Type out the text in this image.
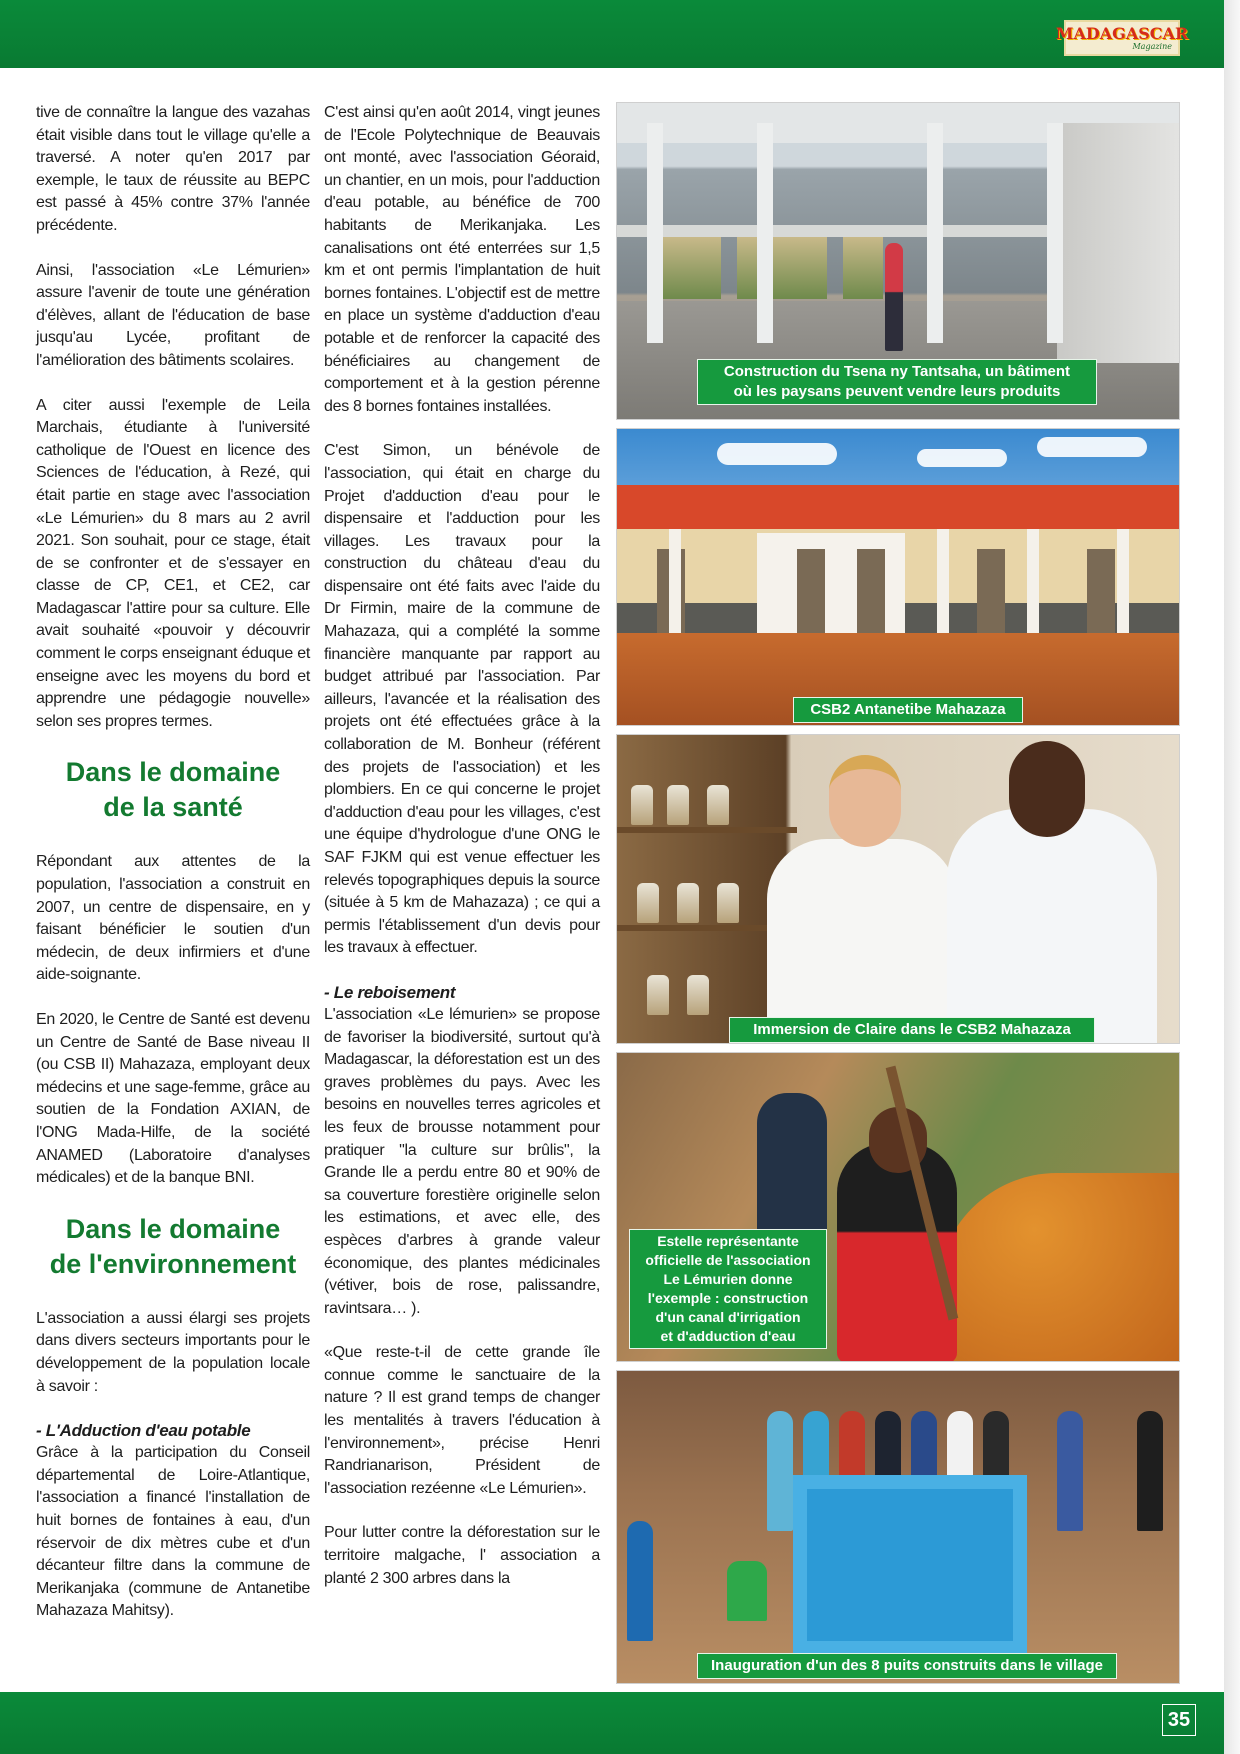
MADAGASCAR
Magazine

tive de connaître la langue des vazahas était visible dans tout le village qu'elle a traversé. A noter qu'en 2017 par exemple, le taux de réussite au BEPC est passé à 45% contre 37% l'année précédente.

Ainsi, l'association «Le Lémurien» assure l'avenir de toute une génération d'élèves, allant de l'éducation de base jusqu'au Lycée, profitant de l'amélioration des bâtiments scolaires.

A citer aussi l'exemple de Leila Marchais, étudiante à l'université catholique de l'Ouest en licence des Sciences de l'éducation, à Rezé, qui était partie en stage avec l'association «Le Lémurien» du 8 mars au 2 avril 2021. Son souhait, pour ce stage, était de se confronter et de s'essayer en classe de CP, CE1, et CE2, car Madagascar l'attire pour sa culture. Elle avait souhaité «pouvoir y découvrir comment le corps enseignant éduque et enseigne avec les moyens du bord et apprendre une pédagogie nouvelle» selon ses propres termes.

Dans le domaine
de la santé

Répondant aux attentes de la population, l'association a construit en 2007, un centre de dispensaire, en y faisant bénéficier le soutien d'un médecin, de deux infirmiers et d'une aide-soignante.

En 2020, le Centre de Santé est devenu un Centre de Santé de Base niveau II (ou CSB II) Mahazaza, employant deux médecins et une sage-femme, grâce au soutien de la Fondation AXIAN, de l'ONG Mada-Hilfe, de la société ANAMED (Laboratoire d'analyses médicales) et de la banque BNI.

Dans le domaine
de l'environnement

L'association a aussi élargi ses projets dans divers secteurs importants pour le développement de la population locale à savoir :

- L'Adduction d'eau potable

Grâce à la participation du Conseil départemental de Loire-Atlantique, l'association a financé l'installation de huit bornes de fontaines à eau, d'un réservoir de dix mètres cube et d'un décanteur filtre dans la commune de Merikanjaka (commune de Antanetibe Mahazaza Mahitsy).

C'est ainsi qu'en août 2014, vingt jeunes de l'Ecole Polytechnique de Beauvais ont monté, avec l'association Géoraid, un chantier, en un mois, pour l'adduction d'eau potable, au bénéfice de 700 habitants de Merikanjaka. Les canalisations ont été enterrées sur 1,5 km et ont permis l'implantation de huit bornes fontaines. L'objectif est de mettre en place un système d'adduction d'eau potable et de renforcer la capacité des bénéficiaires au changement de comportement et à la gestion pérenne des 8 bornes fontaines installées.

C'est Simon, un bénévole de l'association, qui était en charge du Projet d'adduction d'eau pour le dispensaire et l'adduction pour les villages. Les travaux pour la construction du château d'eau du dispensaire ont été faits avec l'aide du Dr Firmin, maire de la commune de Mahazaza, qui a complété la somme financière manquante par rapport au budget attribué par l'association. Par ailleurs, l'avancée et la réalisation des projets ont été effectuées grâce à la collaboration de M. Bonheur (référent des projets de l'association) et les plombiers. En ce qui concerne le projet d'adduction d'eau pour les villages, c'est une équipe d'hydrologue d'une ONG le SAF FJKM qui est venue effectuer les relevés topographiques depuis la source (située à 5 km de Mahazaza) ; ce qui a permis l'établissement d'un devis pour les travaux à effectuer.

- Le reboisement

L'association «Le lémurien» se propose de favoriser la biodiversité, surtout qu'à Madagascar, la déforestation est un des graves problèmes du pays. Avec les besoins en nouvelles terres agricoles et les feux de brousse notamment pour pratiquer "la culture sur brûlis", la Grande Ile a perdu entre 80 et 90% de sa couverture forestière originelle selon les estimations, et avec elle, des espèces d'arbres à grande valeur économique, des plantes médicinales (vétiver, bois de rose, palissandre, ravintsara… ).

«Que reste-t-il de cette grande île connue comme le sanctuaire de la nature ? Il est grand temps de changer les mentalités à travers l'éducation à l'environnement», précise Henri Randrianarison, Président de l'association rezéenne «Le Lémurien».

Pour lutter contre la déforestation sur le territoire malgache, l' association a planté 2 300 arbres dans la

Construction du Tsena ny Tantsaha, un bâtiment
où les paysans peuvent vendre leurs produits
CSB2 Antanetibe Mahazaza
Immersion de Claire dans le CSB2 Mahazaza
Estelle représentante
officielle de l'association
Le Lémurien donne
l'exemple : construction
d'un canal d'irrigation
et d'adduction d'eau
Inauguration d'un des 8 puits construits dans le village
35
